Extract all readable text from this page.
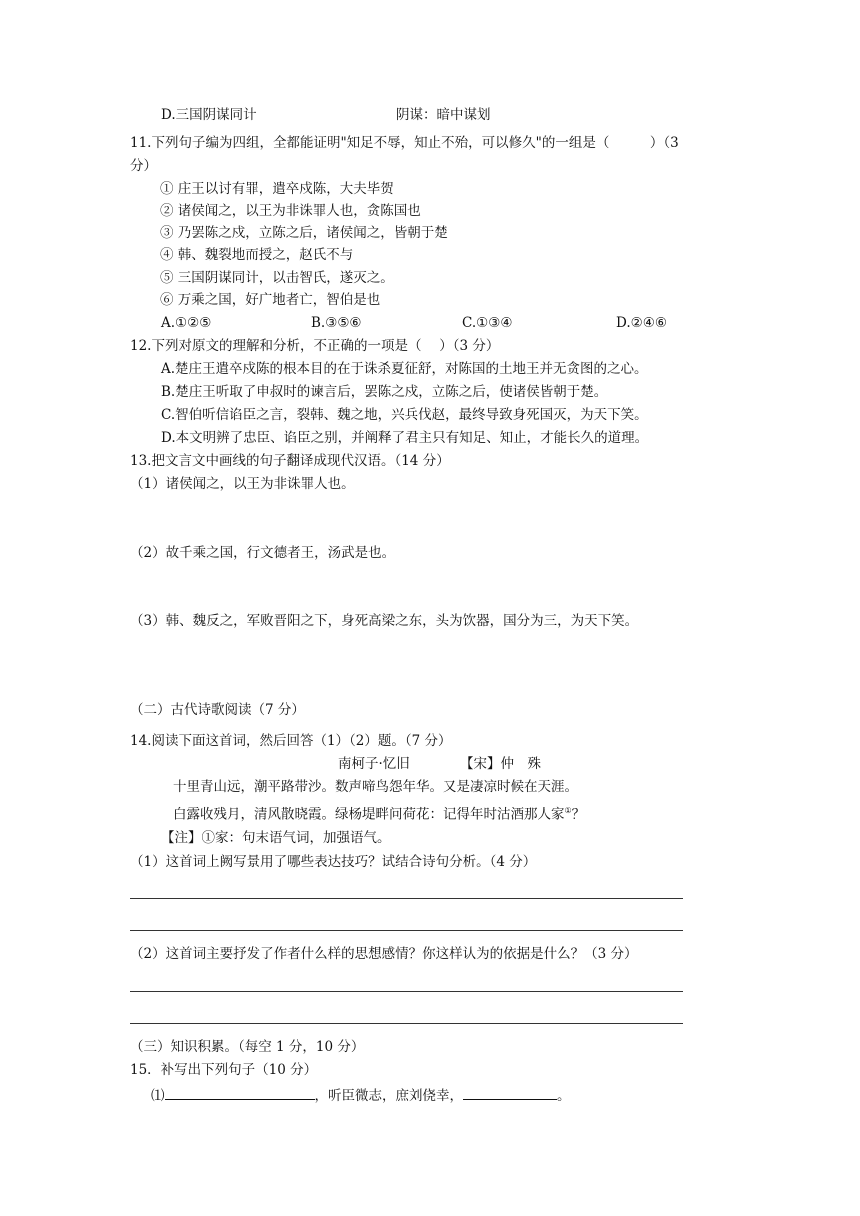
D.三国阴谋同计	阴谋：暗中谋划
11.下列句子编为四组，全都能证明"知足不辱，知止不殆，可以修久"的一组是（　　　）（3
分）
① 庄王以讨有罪，遣卒戍陈，大夫毕贺
② 诸侯闻之，以王为非诛罪人也，贪陈国也
③ 乃罢陈之戍，立陈之后，诸侯闻之，皆朝于楚
④ 韩、魏裂地而授之，赵氏不与
⑤ 三国阴谋同计，以击智氏，遂灭之。
⑥ 万乘之国，好广地者亡，智伯是也
A.①②⑤	B.③⑤⑥	C.①③④	D.②④⑥
12.下列对原文的理解和分析，不正确的一项是（　 ）（3 分）
A.楚庄王遣卒戍陈的根本目的在于诛杀夏征舒，对陈国的土地王并无贪图的之心。
B.楚庄王听取了申叔时的谏言后，罢陈之戍，立陈之后，使诸侯皆朝于楚。
C.智伯听信谄臣之言，裂韩、魏之地，兴兵伐赵，最终导致身死国灭，为天下笑。
D.本文明辨了忠臣、谄臣之别，并阐释了君主只有知足、知止，才能长久的道理。
13.把文言文中画线的句子翻译成现代汉语。（14 分）
（1）诸侯闻之，以王为非诛罪人也。
（2）故千乘之国，行文德者王，汤武是也。
（3）韩、魏反之，军败晋阳之下，身死高梁之东，头为饮器，国分为三，为天下笑。
（二）古代诗歌阅读（7 分）
14.阅读下面这首词，然后回答（1）（2）题。（7 分）
南柯子·忆旧	【宋】仲　殊
十里青山远，潮平路带沙。数声啼鸟怨年华。又是凄凉时候在天涯。
白露收残月，清风散晓霞。绿杨堤畔问荷花：记得年时沽酒那人家①？
【注】①家：句末语气词，加强语气。
（1）这首词上阙写景用了哪些表达技巧？试结合诗句分析。（4 分）
（2）这首词主要抒发了作者什么样的思想感情？你这样认为的依据是什么？（3 分）
（三）知识积累。（每空 1 分，10 分）
15．补写出下列句子（10 分）
⑴	，听臣微志，庶刘侥幸，	。
